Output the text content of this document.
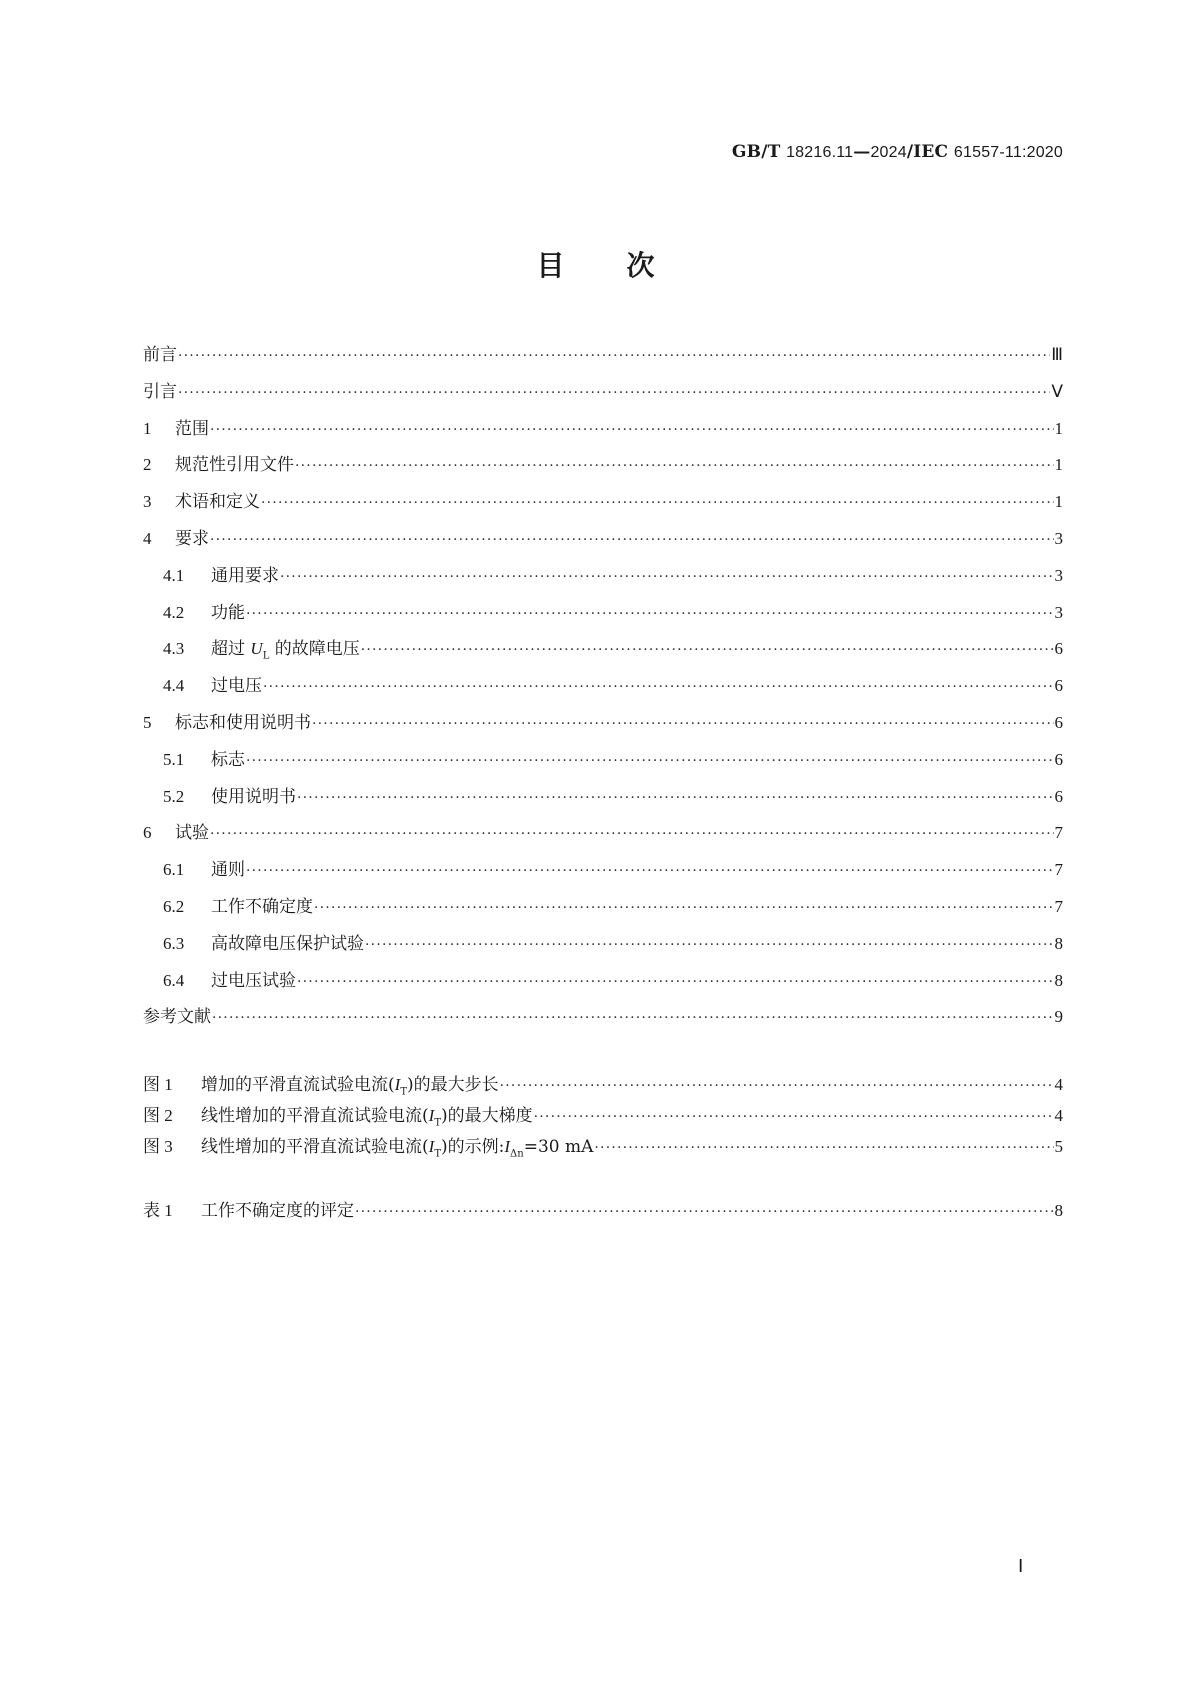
GB/T 18216.11—2024/IEC 61557-11:2020
目次
前言 ·····	Ⅲ
引言 ·····	Ⅴ
1	范围 ·····	1
2	规范性引用文件 ·····	1
3	术语和定义 ·····	1
4	要求 ·····	3
4.1	通用要求 ·····	3
4.2	功能 ·····	3
4.3	超过 $U_L$ 的故障电压 ·····	6
4.4	过电压 ·····	6
5	标志和使用说明书 ·····	6
5.1	标志 ·····	6
5.2	使用说明书 ·····	6
6	试验 ·····	7
6.1	通则 ·····	7
6.2	工作不确定度 ·····	7
6.3	高故障电压保护试验 ·····	8
6.4	过电压试验 ·····	8
参考文献 ·····	9
图 1	增加的平滑直流试验电流$(I_T)$的最大步长 ·····	4
图 2	线性增加的平滑直流试验电流$(I_T)$的最大梯度 ·····	4
图 3	线性增加的平滑直流试验电流$(I_T)$的示例$:I_{\Delta n}=30$ mA ·····	5
表 1	工作不确定度的评定 ·····	8
Ⅰ
